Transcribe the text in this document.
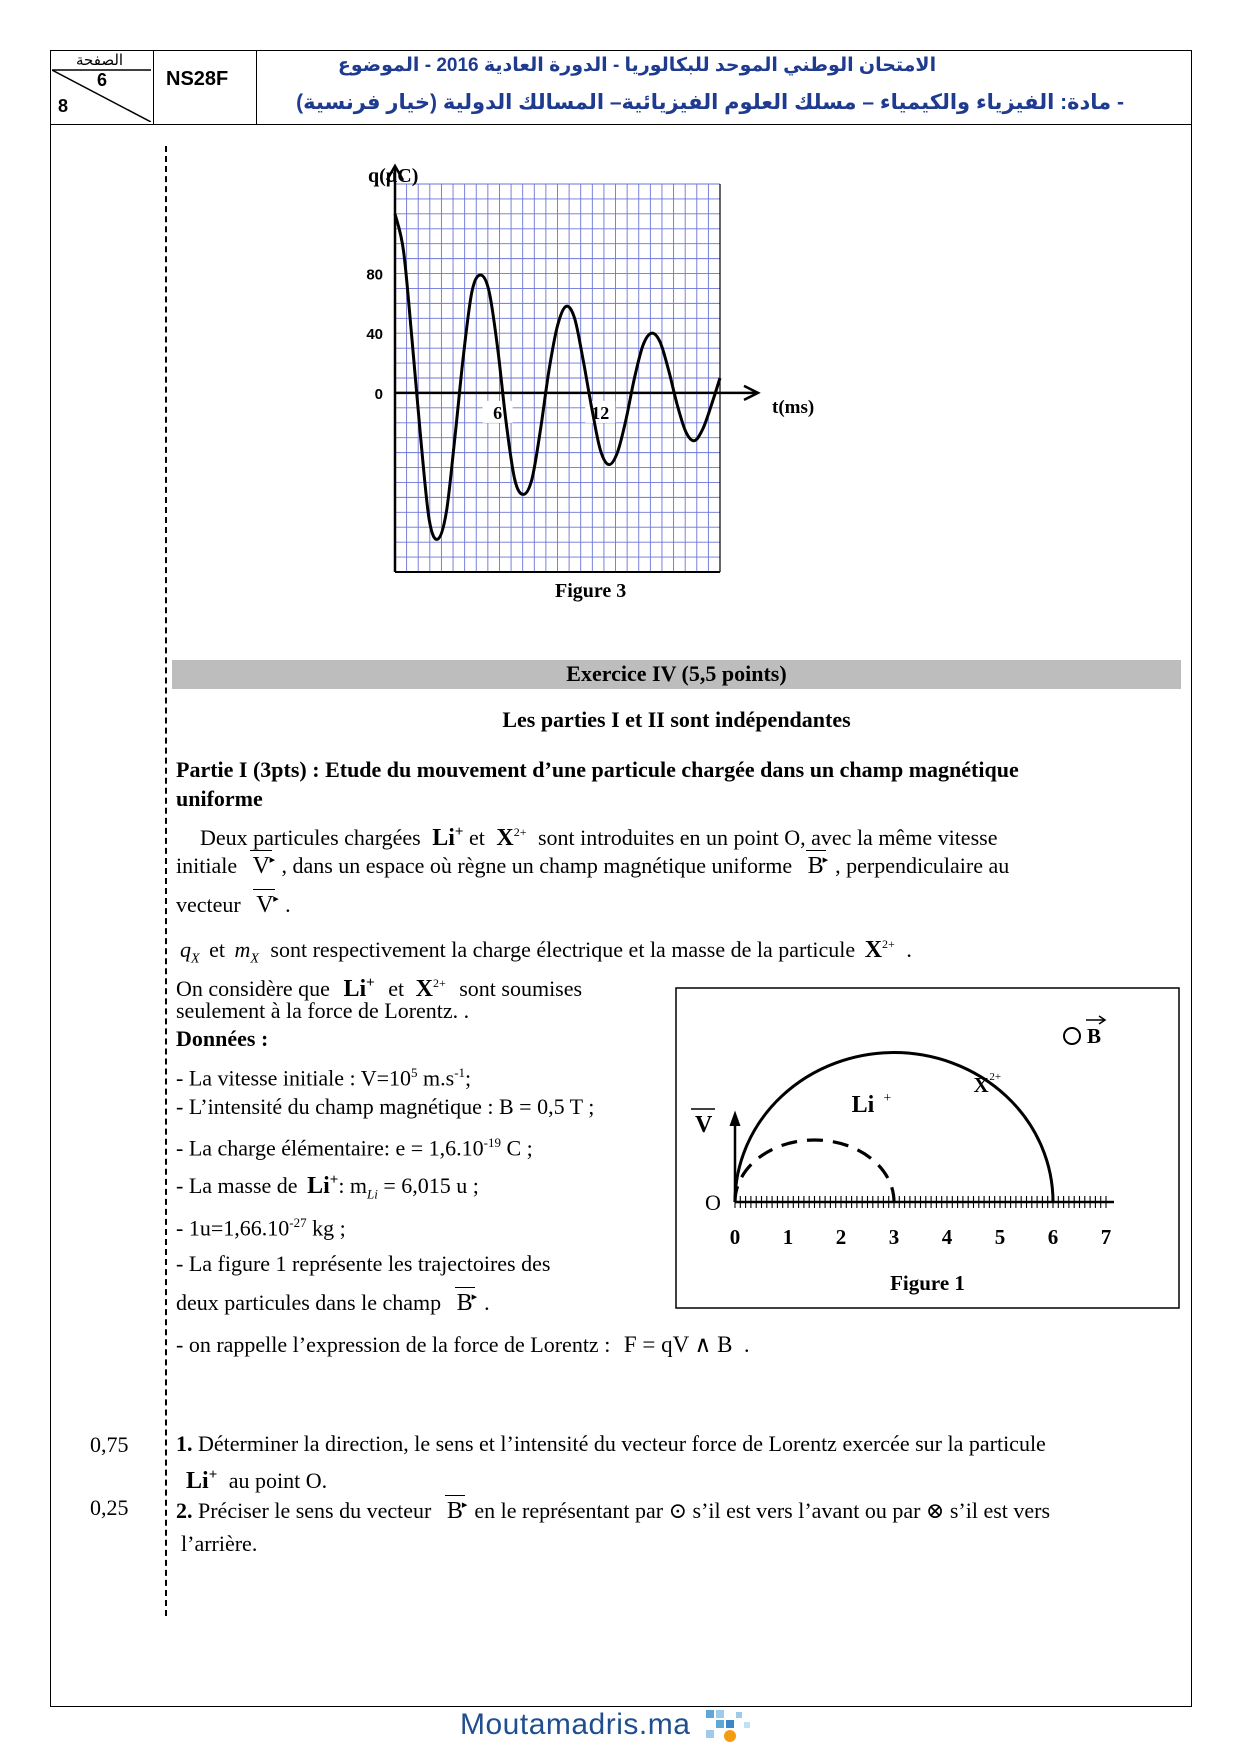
الصفحة
6
8
NS28F
الامتحان الوطني الموحد للبكالوريا - الدورة العادية 2016 - الموضوع
- مادة: الفيزياء والكيمياء – مسلك العلوم الفيزيائية– المسالك الدولية (خيار فرنسية)
q(µC)
t(ms)
0
40
80
6	12
Figure 3
Exercice IV (5,5 points)
Les parties I et II sont indépendantes
Partie I (3pts) : Etude du mouvement d’une particule chargée dans un champ magnétique
uniforme
Deux particules chargées Li+ et $X^{2+}$ sont introduites en un point O, avec la même vitesse
initiale	▸
V , dans un espace où règne un champ magnétique uniforme	▸
B , perpendiculaire au
vecteur	▸
V .
$q_X$ et $m_X$ sont respectivement la charge électrique et la masse de la particule $X^{2+}$ .
On considère que Li+ et $X^{2+}$ sont soumises
seulement à la force de Lorentz. .
Données :
- La vitesse initiale : $V=10^5$ $m.s^{-1}$;
- L’intensité du champ magnétique : B = 0,5 T ;
- La charge élémentaire: $e = 1,6.10^{-19}$ C ;
- La masse de Li+: $m_{Li} = 6,015$ u ;
- $1u=1,66.10^{-27}$ kg ;
- La figure 1 représente les trajectoires des
deux particules dans le champ	▸
B .
- on rappelle l’expression de la force de Lorentz : F = qV ∧ B .
0 1 2 3 4 5 6 7
O
V
Li +
X 2+
B
Figure 1
0,75 1. Déterminer la direction, le sens et l’intensité du vecteur force de Lorentz exercée sur la particule
Li+ au point O.
0,25 2. Préciser le sens du vecteur	▸
B en le représentant par ⊙ s’il est vers l’avant ou par ⊗ s’il est vers
l’arrière.
Moutamadris.ma
